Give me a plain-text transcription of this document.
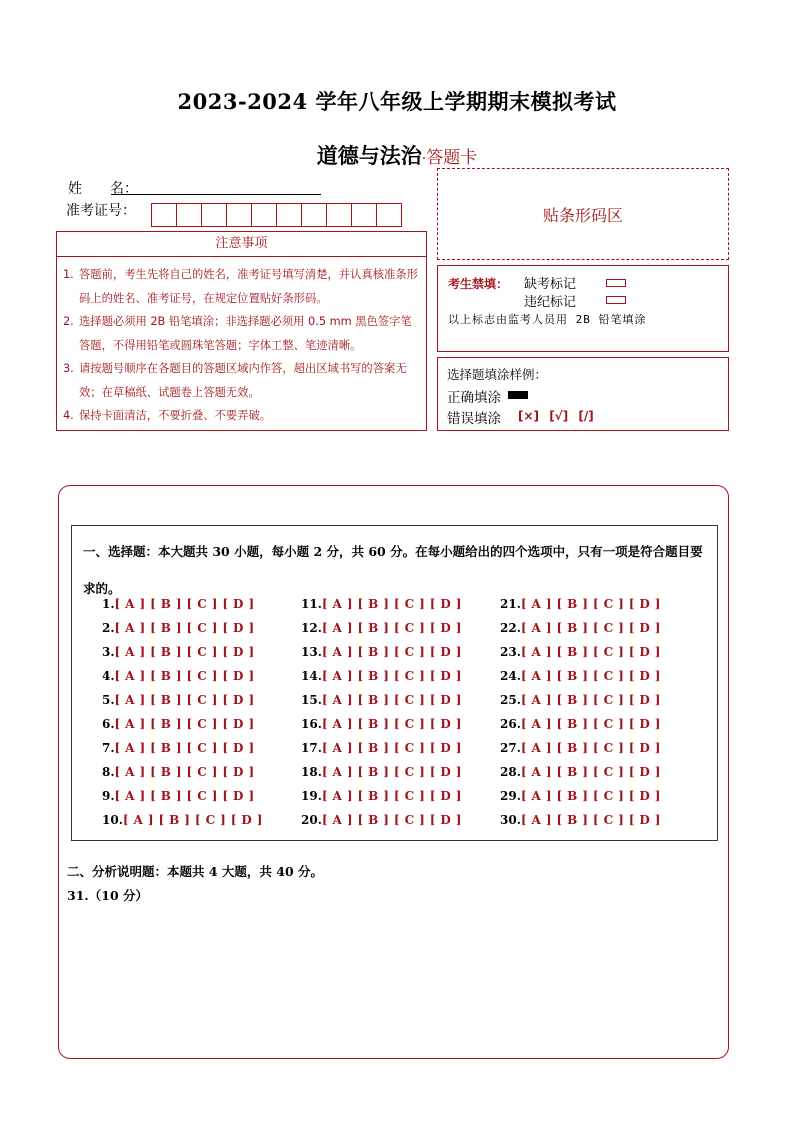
2023-2024 学年八年级上学期期末模拟考试
道德与法治·答题卡
姓　　名：
准考证号：	贴条形码区
注意事项
1. 答题前，考生先将自己的姓名，准考证号填写清楚，并认真核准条形码上的姓名、准考证号，在规定位置贴好条形码。
2. 选择题必须用 2B 铅笔填涂；非选择题必须用 0.5 mm 黑色签字笔答题，不得用铅笔或圆珠笔答题；字体工整、笔迹清晰。
3. 请按题号顺序在各题目的答题区域内作答，超出区域书写的答案无效；在草稿纸、试题卷上答题无效。
4. 保持卡面清洁，不要折叠、不要弄破。
考生禁填： 缺考标记
违纪标记
以上标志由监考人员用 2B 铅笔填涂
选择题填涂样例：
正确填涂
错误填涂 [×] [√] [/]
一、选择题：本大题共 30 小题，每小题 2 分，共 60 分。在每小题给出的四个选项中，只有一项是符合题目要求的。
1.[ A ] [ B ] [ C ] [ D ]
2.[ A ] [ B ] [ C ] [ D ]
3.[ A ] [ B ] [ C ] [ D ]
4.[ A ] [ B ] [ C ] [ D ]
5.[ A ] [ B ] [ C ] [ D ]
6.[ A ] [ B ] [ C ] [ D ]
7.[ A ] [ B ] [ C ] [ D ]
8.[ A ] [ B ] [ C ] [ D ]
9.[ A ] [ B ] [ C ] [ D ]
10.[ A ] [ B ] [ C ] [ D ]
11.[ A ] [ B ] [ C ] [ D ]
12.[ A ] [ B ] [ C ] [ D ]
13.[ A ] [ B ] [ C ] [ D ]
14.[ A ] [ B ] [ C ] [ D ]
15.[ A ] [ B ] [ C ] [ D ]
16.[ A ] [ B ] [ C ] [ D ]
17.[ A ] [ B ] [ C ] [ D ]
18.[ A ] [ B ] [ C ] [ D ]
19.[ A ] [ B ] [ C ] [ D ]
20.[ A ] [ B ] [ C ] [ D ]
21.[ A ] [ B ] [ C ] [ D ]
22.[ A ] [ B ] [ C ] [ D ]
23.[ A ] [ B ] [ C ] [ D ]
24.[ A ] [ B ] [ C ] [ D ]
25.[ A ] [ B ] [ C ] [ D ]
26.[ A ] [ B ] [ C ] [ D ]
27.[ A ] [ B ] [ C ] [ D ]
28.[ A ] [ B ] [ C ] [ D ]
29.[ A ] [ B ] [ C ] [ D ]
30.[ A ] [ B ] [ C ] [ D ]
二、分析说明题：本题共 4 大题，共 40 分。
31.（10 分）
